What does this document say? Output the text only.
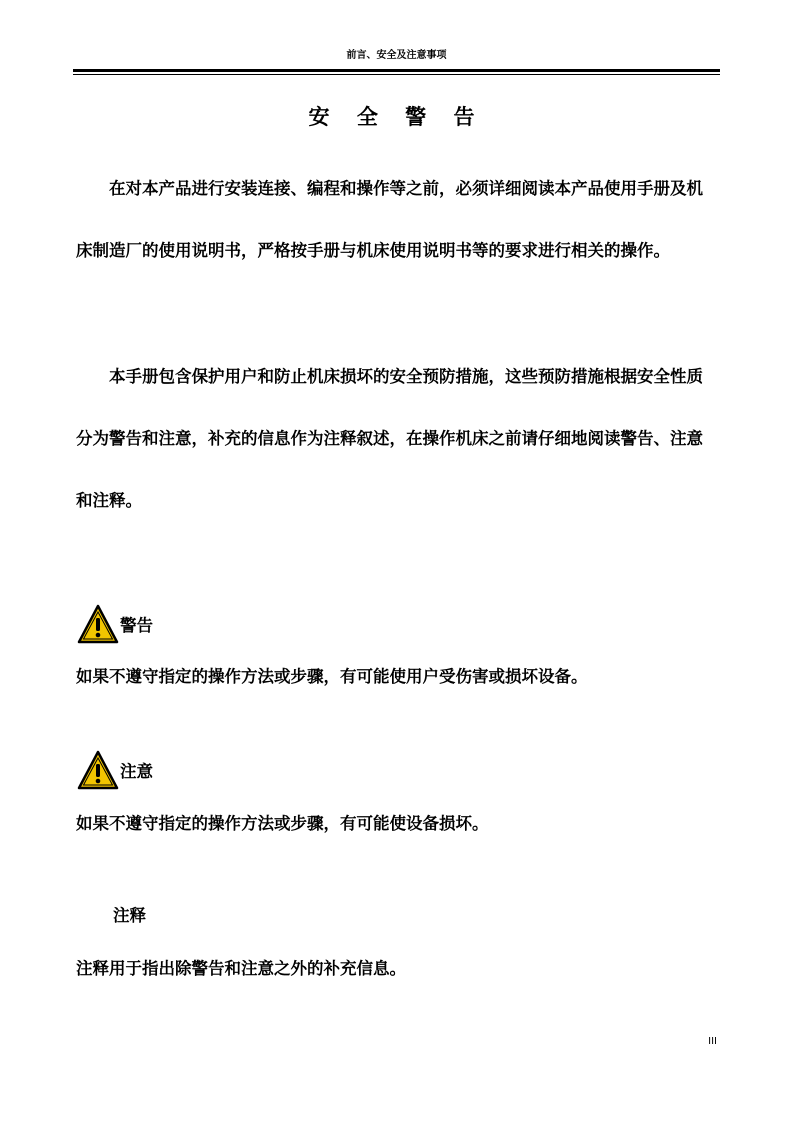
前言、安全及注意事项
安 全 警 告

在对本产品进行安装连接、编程和操作等之前，必须详细阅读本产品使用手册及机床制造厂的使用说明书，严格按手册与机床使用说明书等的要求进行相关的操作。

本手册包含保护用户和防止机床损坏的安全预防措施，这些预防措施根据安全性质分为警告和注意，补充的信息作为注释叙述，在操作机床之前请仔细地阅读警告、注意和注释。

警告
如果不遵守指定的操作方法或步骤，有可能使用户受伤害或损坏设备。
注意
如果不遵守指定的操作方法或步骤，有可能使设备损坏。
注释
注释用于指出除警告和注意之外的补充信息。
III
